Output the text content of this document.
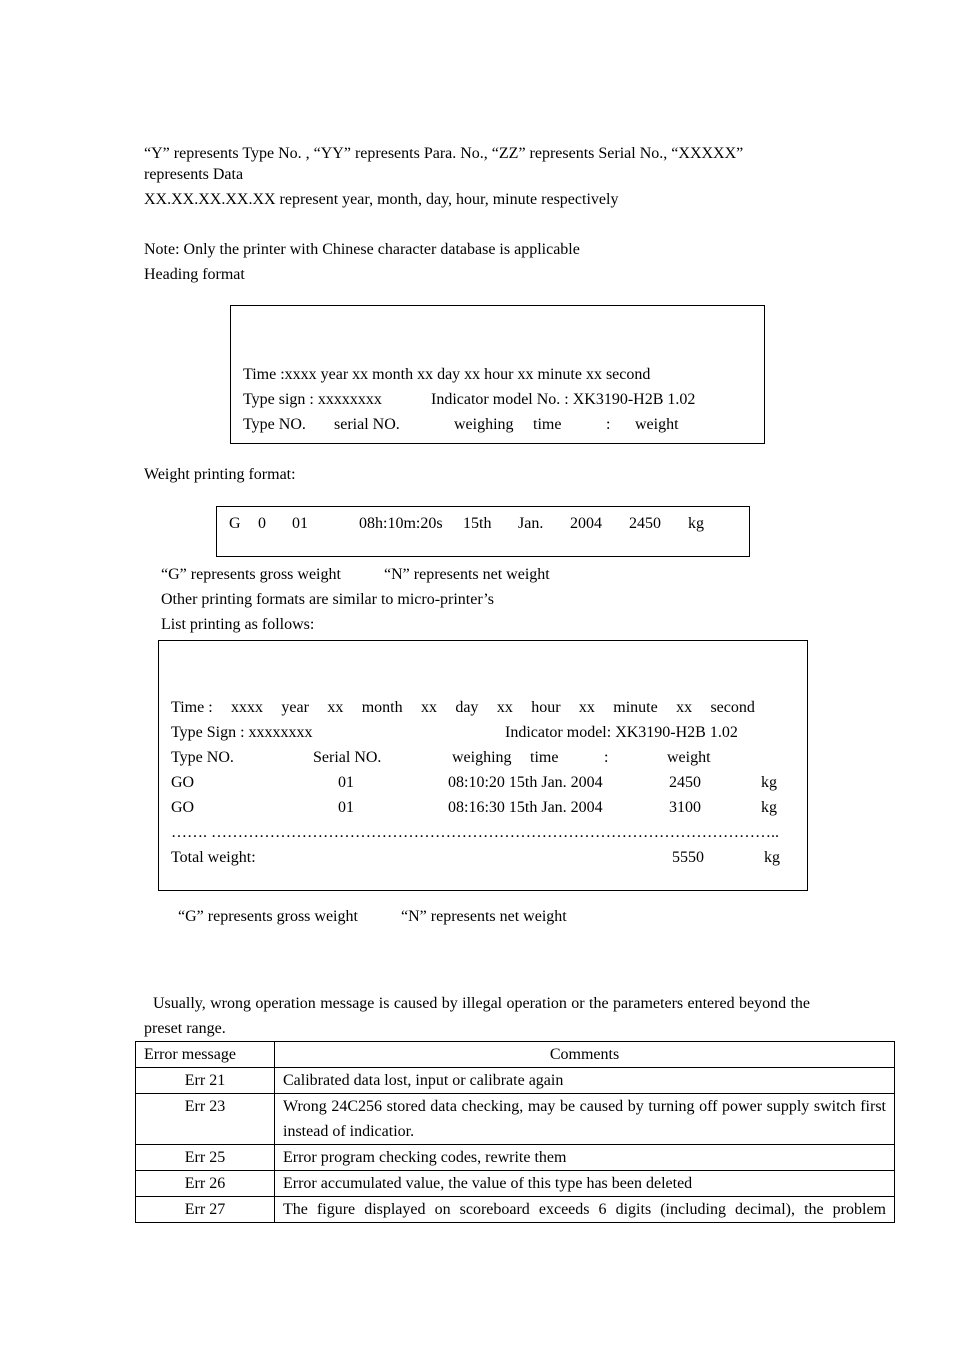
“Y” represents Type No. , “YY” represents Para. No., “ZZ” represents Serial No., “XXXXX”
represents Data
XX.XX.XX.XX.XX represent year, month, day, hour, minute respectively
Note: Only the printer with Chinese character database is applicable
Heading format
Time :xxxx year xx month xx day xx hour xx minute xx second
Type sign : xxxxxxxx	Indicator model No. : XK3190-H2B 1.02
Type NO. serial NO.	weighing time	: weight
Weight printing format:
G 0 01	08h:10m:20s 15th Jan. 2004 2450 kg
“G” represents gross weight	“N” represents net weight
Other printing formats are similar to micro-printer’s
List printing as follows:
Time : xxxx year xx month xx day xx hour xx minute xx second
Type Sign : xxxxxxxx	Indicator model: XK3190-H2B 1.02
Type NO.	Serial NO.	weighing time	:	weight
GO	01	08:10:20 15th Jan. 2004	2450	kg
GO	01	08:16:30 15th Jan. 2004	3100	kg
……. ……………………………………………………………………………………………..
Total weight:	5550	kg
“G” represents gross weight	“N” represents net weight
Usually, wrong operation message is caused by illegal operation or the parameters entered beyond the preset range.
Error message	Comments
Err 21	Calibrated data lost, input or calibrate again
Err 23	Wrong 24C256 stored data checking, may be caused by turning off power supply switch first instead of indicatior.
Err 25	Error program checking codes, rewrite them
Err 26	Error accumulated value, the value of this type has been deleted
Err 27	The figure displayed on scoreboard exceeds 6 digits (including decimal), the problem
